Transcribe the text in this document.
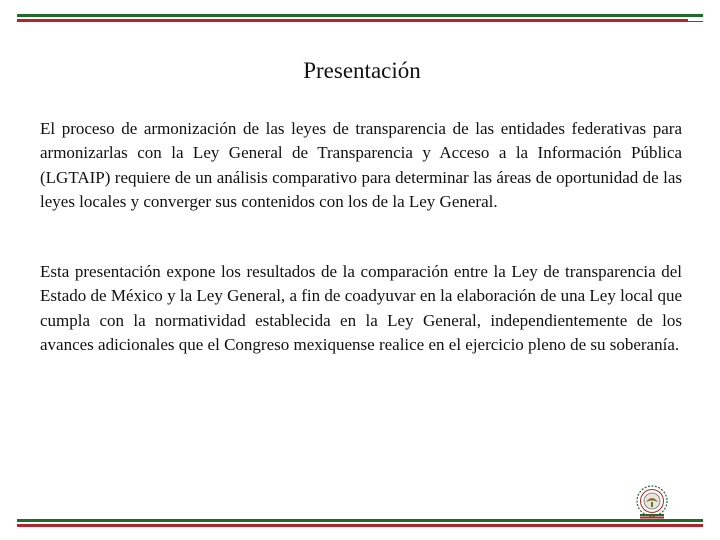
Presentación

El proceso de armonización de las leyes de transparencia de las entidades federativas para armonizarlas con la Ley General de Transparencia y Acceso a la Información Pública (LGTAIP) requiere de un análisis comparativo para determinar las áreas de oportunidad de las leyes locales y converger sus contenidos con los de la Ley General.

Esta presentación expone los resultados de la comparación entre la Ley de transparencia del Estado de México y la Ley General, a fin de coadyuvar en la elaboración de una Ley local que cumpla con la normatividad establecida en la Ley General, independientemente de los avances adicionales que el Congreso mexiquense realice en el ejercicio pleno de su soberanía.
